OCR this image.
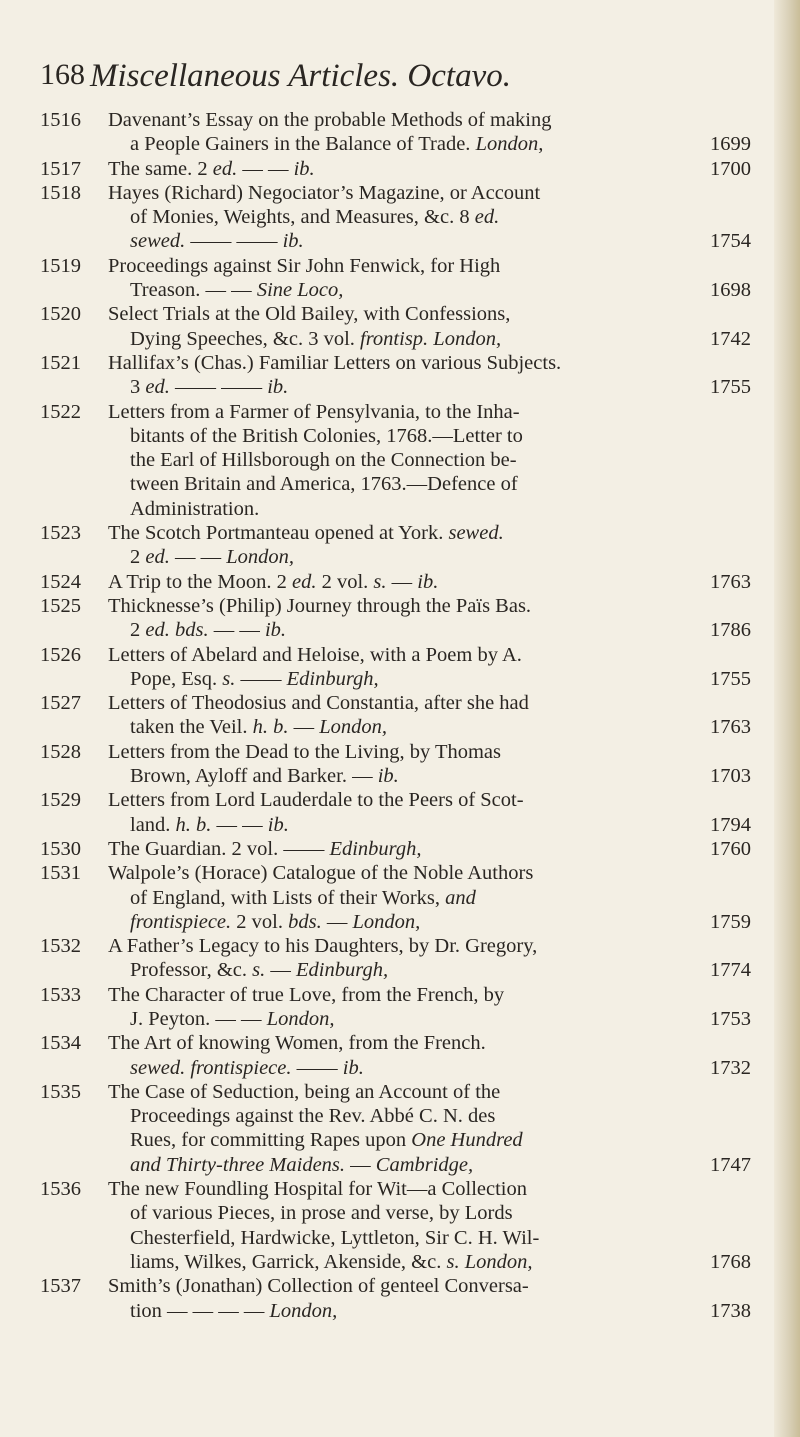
168 Miscellaneous Articles. Octavo.
1516	Davenant’s Essay on the probable Methods of making
a People Gainers in the Balance of Trade. London,	1699
1517	The same. 2 ed. — — ib.	1700
1518	Hayes (Richard) Negociator’s Magazine, or Account
of Monies, Weights, and Measures, &c. 8 ed.
sewed. —— —— ib.	1754
1519	Proceedings against Sir John Fenwick, for High
Treason. — — Sine Loco,	1698
1520	Select Trials at the Old Bailey, with Confessions,
Dying Speeches, &c. 3 vol. frontisp. London,	1742
1521	Hallifax’s (Chas.) Familiar Letters on various Subjects.
3 ed. —— —— ib.	1755
1522	Letters from a Farmer of Pensylvania, to the Inha-
bitants of the British Colonies, 1768.—Letter to
the Earl of Hillsborough on the Connection be-
tween Britain and America, 1763.—Defence of
Administration.
1523	The Scotch Portmanteau opened at York. sewed.
2 ed. — — London,
1524	A Trip to the Moon. 2 ed. 2 vol. s. — ib.	1763
1525	Thicknesse’s (Philip) Journey through the Païs Bas.
2 ed. bds. — — ib.	1786
1526	Letters of Abelard and Heloise, with a Poem by A.
Pope, Esq. s. —— Edinburgh,	1755
1527	Letters of Theodosius and Constantia, after she had
taken the Veil. h. b. — London,	1763
1528	Letters from the Dead to the Living, by Thomas
Brown, Ayloff and Barker. — ib.	1703
1529	Letters from Lord Lauderdale to the Peers of Scot-
land. h. b. — — ib.	1794
1530	The Guardian. 2 vol. —— Edinburgh,	1760
1531	Walpole’s (Horace) Catalogue of the Noble Authors
of England, with Lists of their Works, and
frontispiece. 2 vol. bds. — London,	1759
1532	A Father’s Legacy to his Daughters, by Dr. Gregory,
Professor, &c. s. — Edinburgh,	1774
1533	The Character of true Love, from the French, by
J. Peyton. — — London,	1753
1534	The Art of knowing Women, from the French.
sewed. frontispiece. —— ib.	1732
1535	The Case of Seduction, being an Account of the
Proceedings against the Rev. Abbé C. N. des
Rues, for committing Rapes upon One Hundred
and Thirty-three Maidens. — Cambridge,	1747
1536	The new Foundling Hospital for Wit—a Collection
of various Pieces, in prose and verse, by Lords
Chesterfield, Hardwicke, Lyttleton, Sir C. H. Wil-
liams, Wilkes, Garrick, Akenside, &c. s. London,	1768
1537	Smith’s (Jonathan) Collection of genteel Conversa-
tion — — — — London,	1738
